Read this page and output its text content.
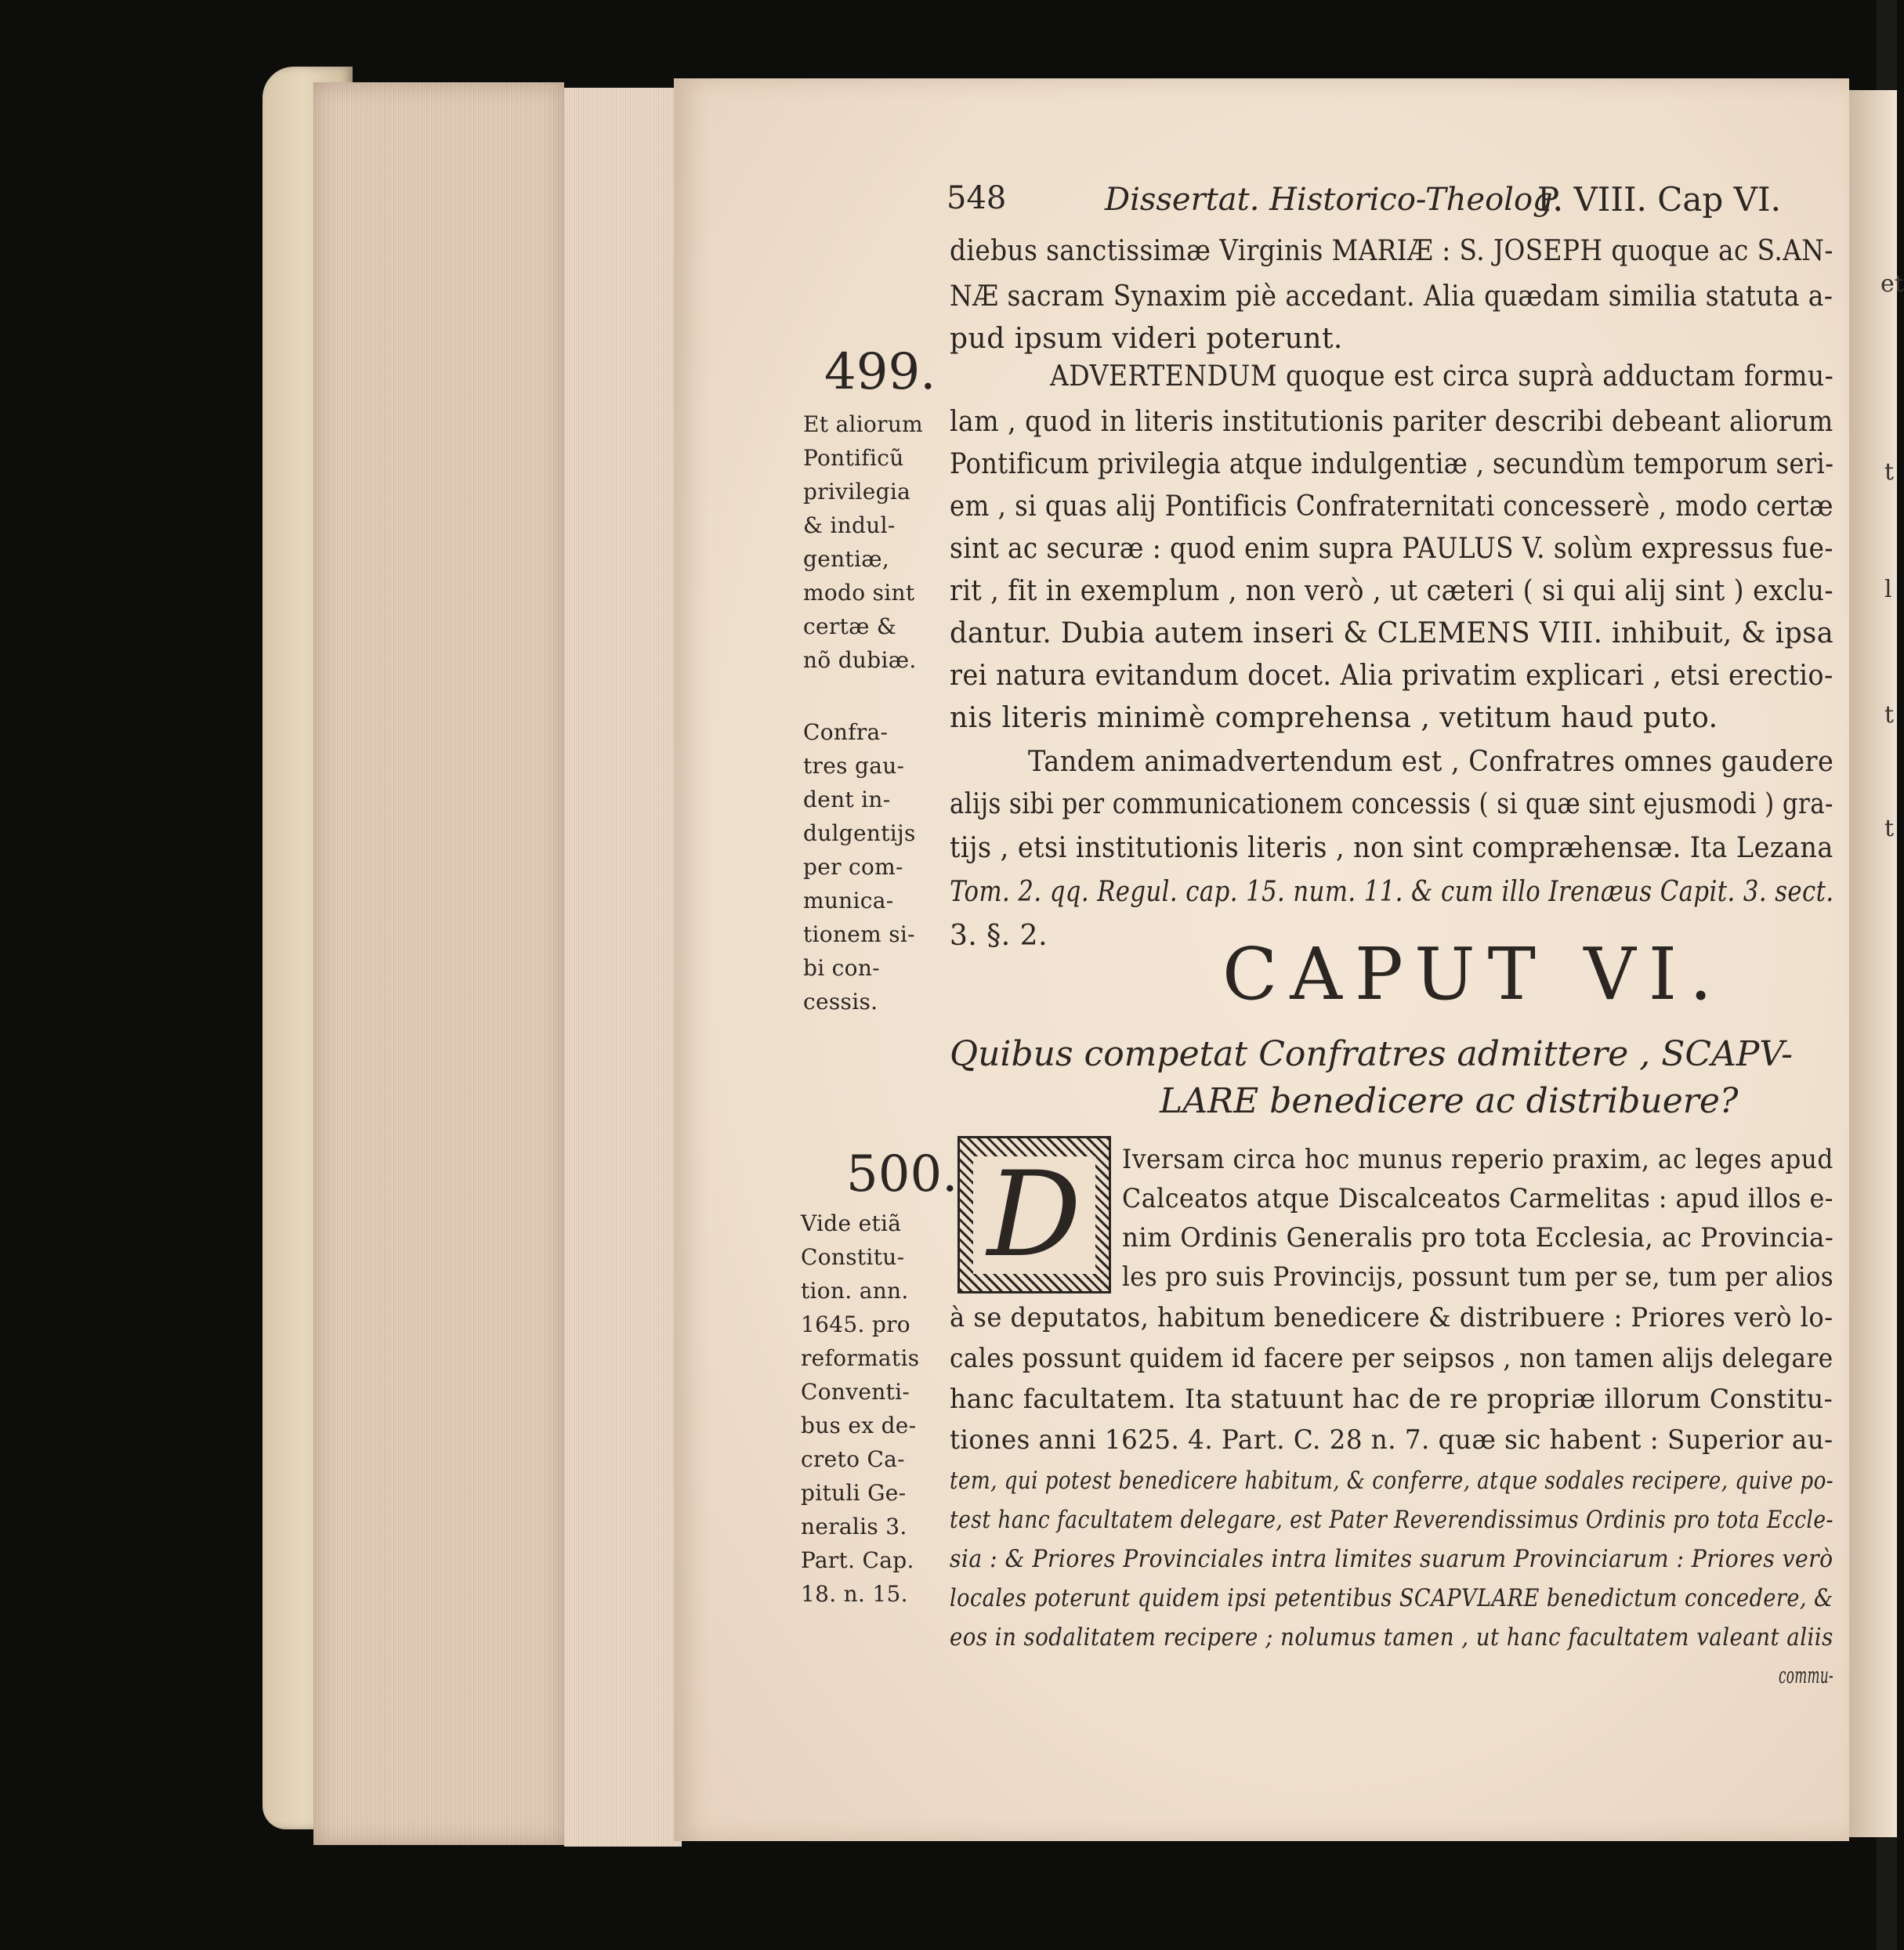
et
t
l
t
t
548	Dissertat. Historico-Theolog.
P. VIII. Cap VI.
diebus sanctissimæ Virginis MARIÆ : S. JOSEPH quoque ac S.AN-
NÆ sacram Synaxim piè accedant. Alia quædam similia statuta a-
pud ipsum videri poterunt.
499.
Et aliorum
Pontificũ
privilegia
& indul-
gentiæ,
modo sint
certæ &
nõ dubiæ.
Confra-
tres gau-
dent in-
dulgentijs
per com-
munica-
tionem si-
bi con-
cessis.
ADVERTENDUM quoque est circa suprà adductam formu-
lam , quod in literis institutionis pariter describi debeant aliorum
Pontificum privilegia atque indulgentiæ , secundùm temporum seri-
em , si quas alij Pontificis Confraternitati concesserè , modo certæ
sint ac securæ : quod enim supra PAULUS V. solùm expressus fue-
rit , fit in exemplum , non verò , ut cæteri ( si qui alij sint ) exclu-
dantur. Dubia autem inseri & CLEMENS VIII. inhibuit, & ipsa
rei natura evitandum docet. Alia privatim explicari , etsi erectio-
nis literis minimè comprehensa , vetitum haud puto.
Tandem animadvertendum est , Confratres omnes gaudere
alijs sibi per communicationem concessis ( si quæ sint ejusmodi ) gra-
tijs , etsi institutionis literis , non sint compræhensæ. Ita Lezana
Tom. 2. qq. Regul. cap. 15. num. 11. & cum illo Irenæus Capit. 3. sect.
3. §. 2. CAPUT VI.
Quibus competat Confratres admittere , SCAPV-
LARE benedicere ac distribuere?
500. D
Vide etiã
Constitu-
tion. ann.
1645. pro
reformatis
Conventi-
bus ex de-
creto Ca-
pituli Ge-
neralis 3.
Part. Cap.
18. n. 15.
Iversam circa hoc munus reperio praxim, ac leges apud
Calceatos atque Discalceatos Carmelitas : apud illos e-
nim Ordinis Generalis pro tota Ecclesia, ac Provincia-
les pro suis Provincijs, possunt tum per se, tum per alios
à se deputatos, habitum benedicere & distribuere : Priores verò lo-
cales possunt quidem id facere per seipsos , non tamen alijs delegare
hanc facultatem. Ita statuunt hac de re propriæ illorum Constitu-
tiones anni 1625. 4. Part. C. 28 n. 7. quæ sic habent : Superior au-
tem, qui potest benedicere habitum, & conferre, atque sodales recipere, quive po-
test hanc facultatem delegare, est Pater Reverendissimus Ordinis pro tota Eccle-
sia : & Priores Provinciales intra limites suarum Provinciarum : Priores verò
locales poterunt quidem ipsi petentibus SCAPVLARE benedictum concedere, &
eos in sodalitatem recipere ; nolumus tamen , ut hanc facultatem valeant aliis
commu-
